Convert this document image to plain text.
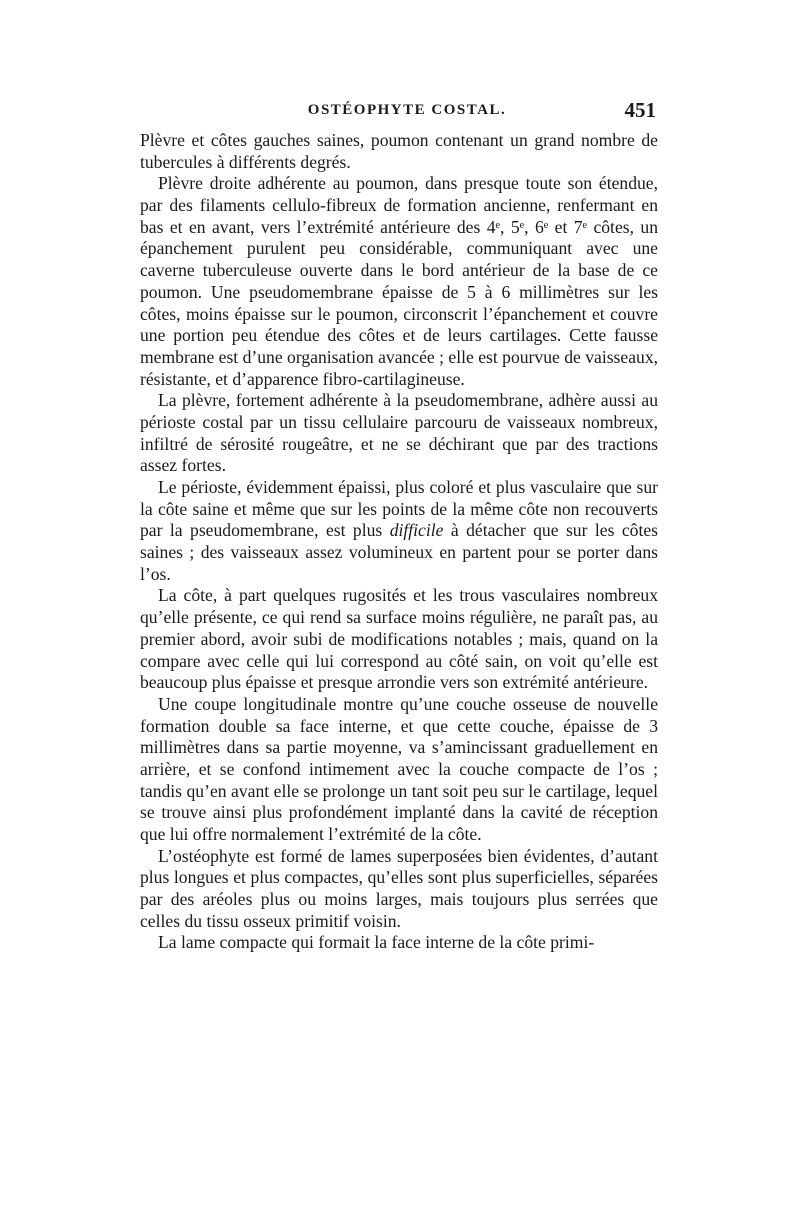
OSTÉOPHYTE COSTAL.	451

Plèvre et côtes gauches saines, poumon contenant un grand nombre de tubercules à différents degrés.

Plèvre droite adhérente au poumon, dans presque toute son étendue, par des filaments cellulo-fibreux de formation ancienne, renfermant en bas et en avant, vers l’extrémité antérieure des 4ᵉ, 5ᵉ, 6ᵉ et 7ᵉ côtes, un épanchement purulent peu considérable, communiquant avec une caverne tuberculeuse ouverte dans le bord antérieur de la base de ce poumon. Une pseudomembrane épaisse de 5 à 6 millimètres sur les côtes, moins épaisse sur le poumon, circonscrit l’épanchement et couvre une portion peu étendue des côtes et de leurs cartilages. Cette fausse membrane est d’une organisation avancée ; elle est pourvue de vaisseaux, résistante, et d’apparence fibro-cartilagineuse.

La plèvre, fortement adhérente à la pseudomembrane, adhère aussi au périoste costal par un tissu cellulaire parcouru de vaisseaux nombreux, infiltré de sérosité rougeâtre, et ne se déchirant que par des tractions assez fortes.

Le périoste, évidemment épaissi, plus coloré et plus vasculaire que sur la côte saine et même que sur les points de la même côte non recouverts par la pseudomembrane, est plus difficile à détacher que sur les côtes saines ; des vaisseaux assez volumineux en partent pour se porter dans l’os.

La côte, à part quelques rugosités et les trous vasculaires nombreux qu’elle présente, ce qui rend sa surface moins régulière, ne paraît pas, au premier abord, avoir subi de modifications notables ; mais, quand on la compare avec celle qui lui correspond au côté sain, on voit qu’elle est beaucoup plus épaisse et presque arrondie vers son extrémité antérieure.

Une coupe longitudinale montre qu’une couche osseuse de nouvelle formation double sa face interne, et que cette couche, épaisse de 3 millimètres dans sa partie moyenne, va s’amincissant graduellement en arrière, et se confond intimement avec la couche compacte de l’os ; tandis qu’en avant elle se prolonge un tant soit peu sur le cartilage, lequel se trouve ainsi plus profondément implanté dans la cavité de réception que lui offre normalement l’extrémité de la côte.

L’ostéophyte est formé de lames superposées bien évidentes, d’autant plus longues et plus compactes, qu’elles sont plus superficielles, séparées par des aréoles plus ou moins larges, mais toujours plus serrées que celles du tissu osseux primitif voisin.

La lame compacte qui formait la face interne de la côte primi-
